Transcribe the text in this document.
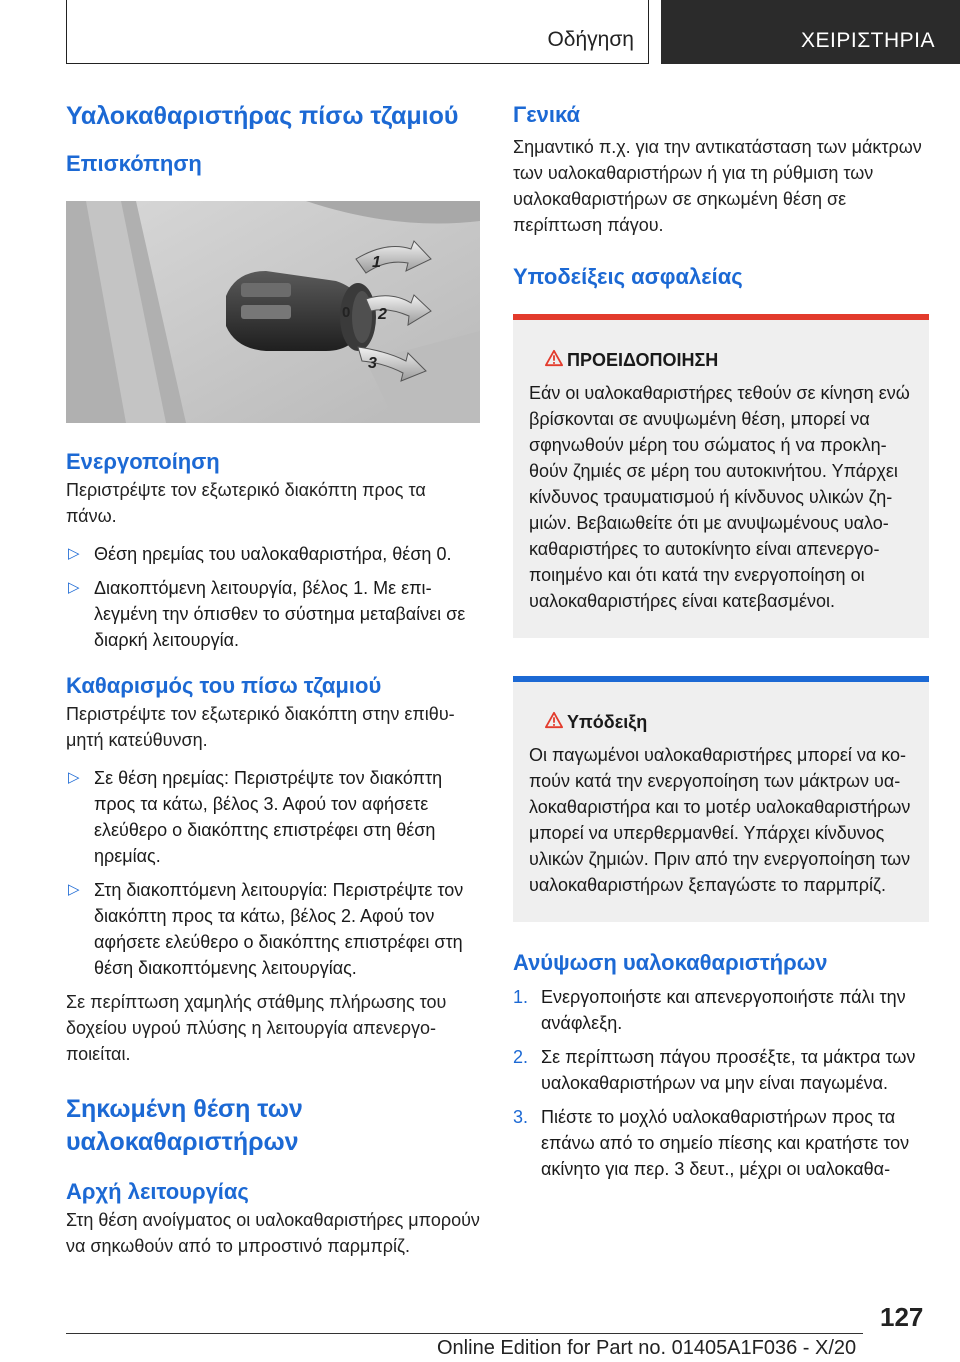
Οδήγηση	ΧΕΙΡΙΣΤΗΡΙΑ
Υαλοκαθαριστήρας πίσω τζαμιού
Επισκόπηση
1
0 2
3
Ενεργοποίηση

Περιστρέψτε τον εξωτερικό διακόπτη προς τα πάνω.

▷ Θέση ηρεμίας του υαλοκαθαριστήρα, θέση 0.
▷ Διακοπτόμενη λειτουργία, βέλος 1. Με επιλεγμένη την όπισθεν το σύστημα μεταβαίνει σε διαρκή λειτουργία.
Καθαρισμός του πίσω τζαμιού

Περιστρέψτε τον εξωτερικό διακόπτη στην επιθυμητή κατεύθυνση.

▷ Σε θέση ηρεμίας: Περιστρέψτε τον διακόπτη προς τα κάτω, βέλος 3. Αφού τον αφήσετε ελεύθερο ο διακόπτης επιστρέφει στη θέση ηρεμίας.
▷ Στη διακοπτόμενη λειτουργία: Περιστρέψτε τον διακόπτη προς τα κάτω, βέλος 2. Αφού τον αφήσετε ελεύθερο ο διακόπτης επιστρέφει στη θέση διακοπτόμενης λειτουργίας.

Σε περίπτωση χαμηλής στάθμης πλήρωσης του δοχείου υγρού πλύσης η λειτουργία απενεργοποιείται.

Σηκωμένη θέση των υαλοκαθαριστήρων
Αρχή λειτουργίας

Στη θέση ανοίγματος οι υαλοκαθαριστήρες μπορούν να σηκωθούν από το μπροστινό παρμπρίζ.

Γενικά

Σημαντικό π.χ. για την αντικατάσταση των μάκτρων των υαλοκαθαριστήρων ή για τη ρύθμιση των υαλοκαθαριστήρων σε σηκωμένη θέση σε περίπτωση πάγου.

Υποδείξεις ασφαλείας
ΠΡΟΕΙΔΟΠΟΙΗΣΗ

Εάν οι υαλοκαθαριστήρες τεθούν σε κίνηση ενώ βρίσκονται σε ανυψωμένη θέση, μπορεί να σφηνωθούν μέρη του σώματος ή να προκληθούν ζημιές σε μέρη του αυτοκινήτου. Υπάρχει κίνδυνος τραυματισμού ή κίνδυνος υλικών ζημιών. Βεβαιωθείτε ότι με ανυψωμένους υαλοκαθαριστήρες το αυτοκίνητο είναι απενεργοποιημένο και ότι κατά την ενεργοποίηση οι υαλοκαθαριστήρες είναι κατεβασμένοι.

Υπόδειξη

Οι παγωμένοι υαλοκαθαριστήρες μπορεί να κοπούν κατά την ενεργοποίηση των μάκτρων υαλοκαθαριστήρα και το μοτέρ υαλοκαθαριστήρων μπορεί να υπερθερμανθεί. Υπάρχει κίνδυνος υλικών ζημιών. Πριν από την ενεργοποίηση των υαλοκαθαριστήρων ξεπαγώστε το παρμπρίζ.

Ανύψωση υαλοκαθαριστήρων
1. Ενεργοποιήστε και απενεργοποιήστε πάλι την ανάφλεξη.
2. Σε περίπτωση πάγου προσέξτε, τα μάκτρα των υαλοκαθαριστήρων να μην είναι παγωμένα.
3. Πιέστε το μοχλό υαλοκαθαριστήρων προς τα επάνω από το σημείο πίεσης και κρατήστε τον ακίνητο για περ. 3 δευτ., μέχρι οι υαλοκαθα-
127
Online Edition for Part no. 01405A1F036 - X/20
